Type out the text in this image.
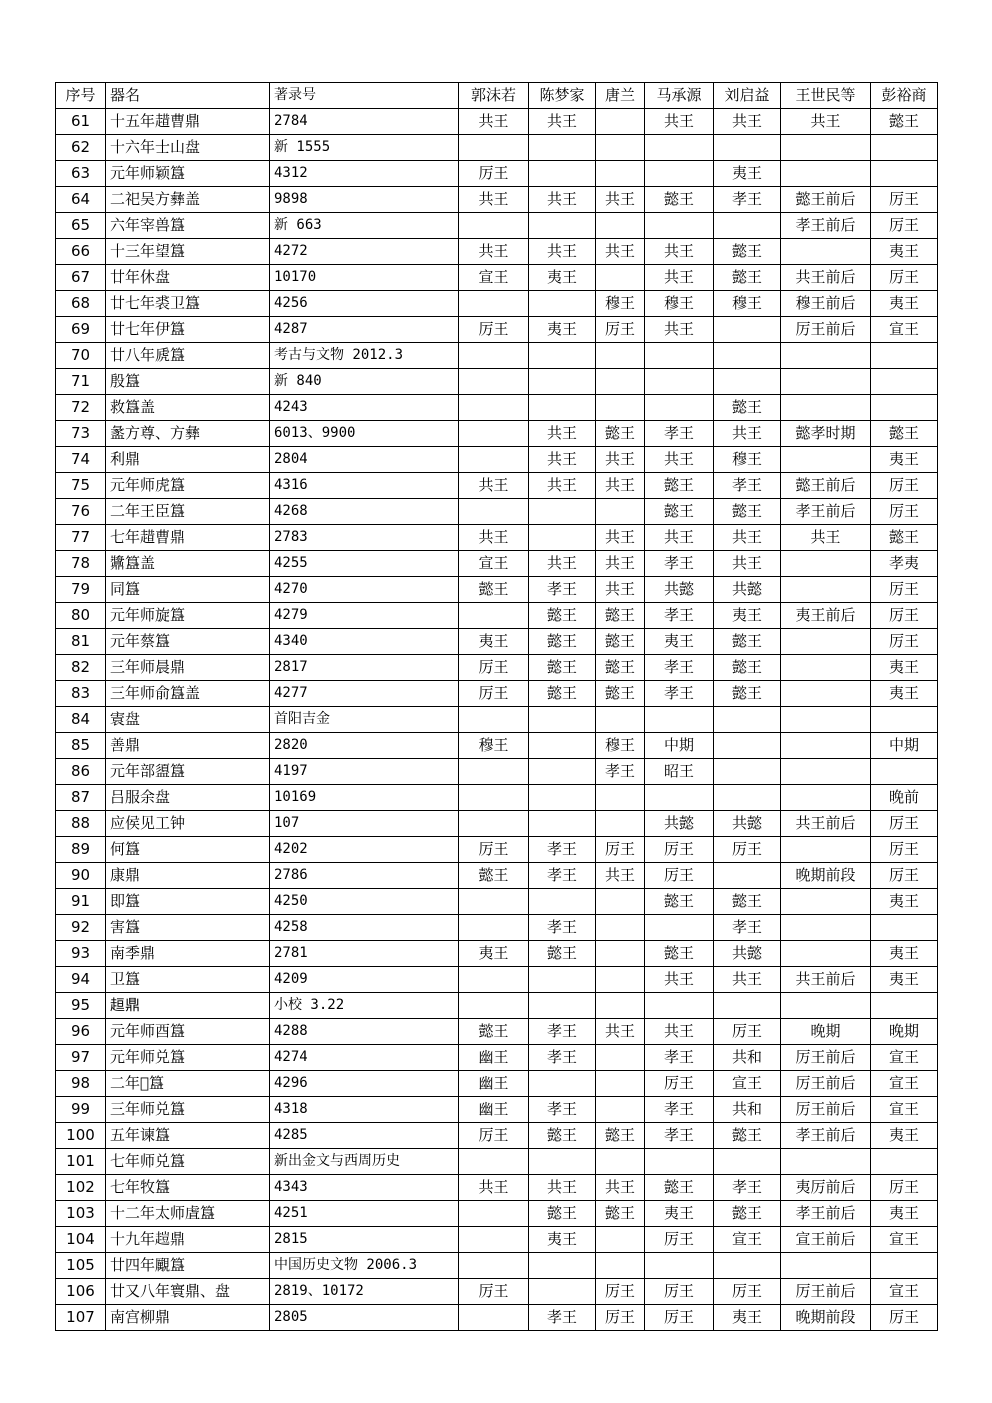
序号	器名	著录号	郭沫若	陈梦家	唐兰	马承源	刘启益	王世民等	彭裕商
61	十五年趞曹鼎	2784	共王	共王		共王	共王	共王	懿王
62	十六年士山盘	新 1555							
63	元年师颖簋	4312	厉王				夷王		
64	二祀吴方彝盖	9898	共王	共王	共王	懿王	孝王	懿王前后	厉王
65	六年宰兽簋	新 663						孝王前后	厉王
66	十三年望簋	4272	共王	共王	共王	共王	懿王		夷王
67	廿年休盘	10170	宣王	夷王		共王	懿王	共王前后	厉王
68	廿七年裘卫簋	4256			穆王	穆王	穆王	穆王前后	夷王
69	廿七年伊簋	4287	厉王	夷王	厉王	共王		厉王前后	宣王
70	廿八年虒簋	考古与文物 2012.3							
71	殷簋	新 840							
72	救簋盖	4243					懿王		
73	盠方尊、方彝	6013、9900		共王	懿王	孝王	共王	懿孝时期	懿王
74	利鼎	2804		共王	共王	共王	穆王		夷王
75	元年师虎簋	4316	共王	共王	共王	懿王	孝王	懿王前后	厉王
76	二年王臣簋	4268				懿王	懿王	孝王前后	厉王
77	七年趞曹鼎	2783	共王		共王	共王	共王	共王	懿王
78	䵼簋盖	4255	宣王	共王	共王	孝王	共王		孝夷
79	同簋	4270	懿王	孝王	共王	共懿	共懿		厉王
80	元年师旋簋	4279		懿王	懿王	孝王	夷王	夷王前后	厉王
81	元年蔡簋	4340	夷王	懿王	懿王	夷王	懿王		厉王
82	三年师晨鼎	2817	厉王	懿王	懿王	孝王	懿王		夷王
83	三年师俞簋盖	4277	厉王	懿王	懿王	孝王	懿王		夷王
84	㝨盘	首阳吉金							
85	善鼎	2820	穆王		穆王	中期			中期
86	元年部盨簋	4197			孝王	昭王			
87	吕服余盘	10169							晚前
88	应侯见工钟	107				共懿	共懿	共王前后	厉王
89	何簋	4202	厉王	孝王	厉王	厉王	厉王		厉王
90	康鼎	2786	懿王	孝王	共王	厉王		晚期前段	厉王
91	即簋	4250				懿王	懿王		夷王
92	害簋	4258		孝王			孝王		
93	南季鼎	2781	夷王	懿王		懿王	共懿		夷王
94	卫簋	4209				共王	共王	共王前后	夷王
95	𧻚鼎	小校 3.22							
96	元年师酉簋	4288	懿王	孝王	共王	共王	厉王	晚期	晚期
97	元年师兑簋	4274	幽王	孝王		孝王	共和	厉王前后	宣王
98	二年𨞇簋	4296	幽王			厉王	宣王	厉王前后	宣王
99	三年师兑簋	4318	幽王	孝王		孝王	共和	厉王前后	宣王
100	五年谏簋	4285	厉王	懿王	懿王	孝王	懿王	孝王前后	夷王
101	七年师兑簋	新出金文与西周历史							
102	七年牧簋	4343	共王	共王	共王	懿王	孝王	夷厉前后	厉王
103	十二年太师虘簋	4251		懿王	懿王	夷王	懿王	孝王前后	夷王
104	十九年𧽊鼎	2815		夷王		厉王	宣王	宣王前后	宣王
105	廿四年𧢝簋	中国历史文物 2006.3							
106	廿又八年寰鼎、盘	2819、10172	厉王		厉王	厉王	厉王	厉王前后	宣王
107	南宫柳鼎	2805		孝王	厉王	厉王	夷王	晚期前段	厉王
